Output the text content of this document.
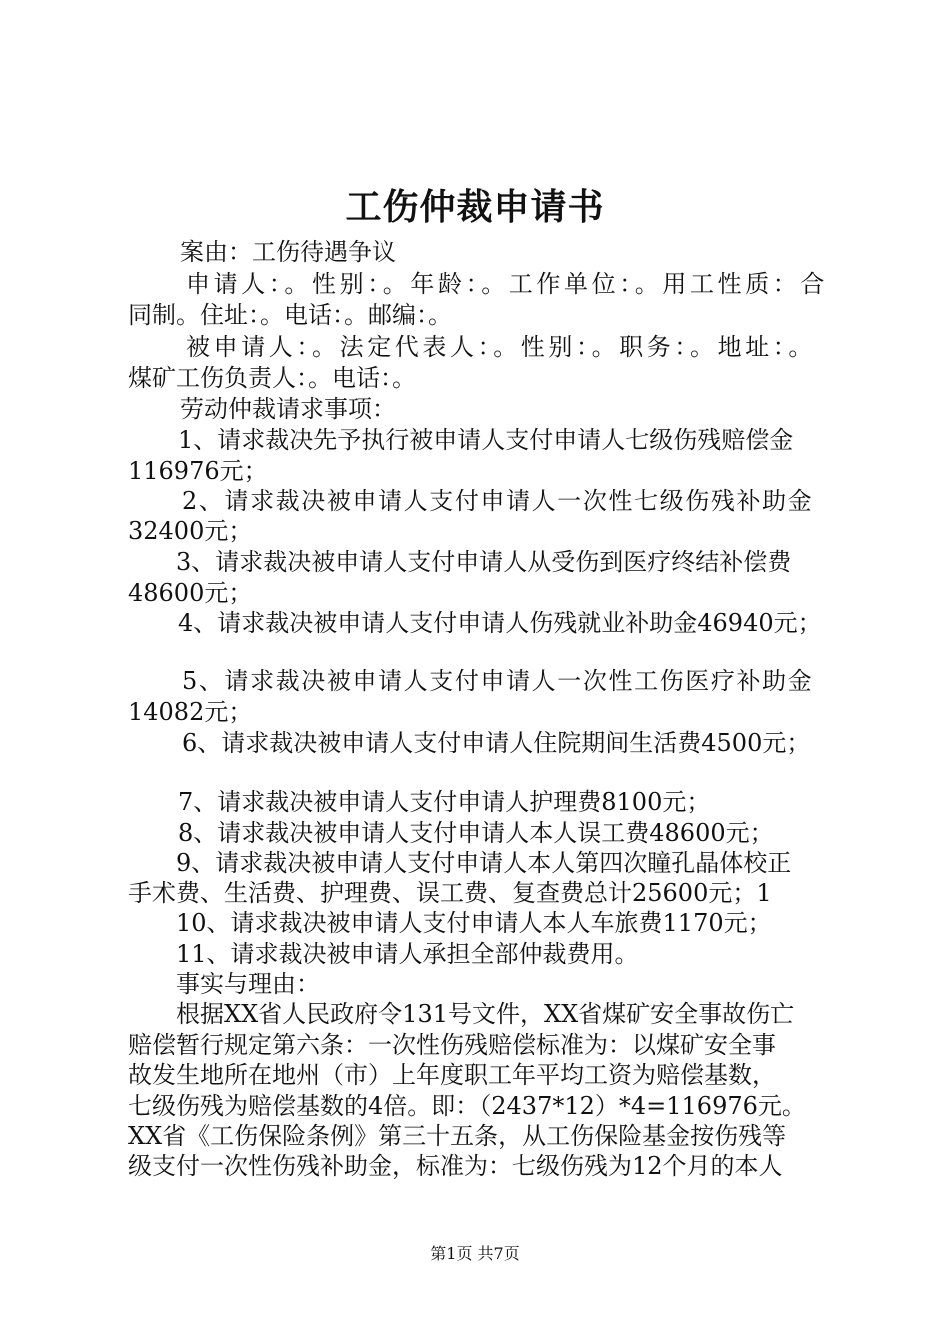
工伤仲裁申请书
案由：工伤待遇争议
申请人：。性别：。年龄：。工作单位：。用工性质：合
同制。住址：。电话：。邮编：。
被申请人：。法定代表人：。性别：。职务：。地址：。
煤矿工伤负责人：。电话：。
劳动仲裁请求事项：
1、请求裁决先予执行被申请人支付申请人七级伤残赔偿金
116976元；
2、请求裁决被申请人支付申请人一次性七级伤残补助金
32400元；
3、请求裁决被申请人支付申请人从受伤到医疗终结补偿费
48600元；
4、请求裁决被申请人支付申请人伤残就业补助金46940元；
5、请求裁决被申请人支付申请人一次性工伤医疗补助金
14082元；
6、请求裁决被申请人支付申请人住院期间生活费4500元；
7、请求裁决被申请人支付申请人护理费8100元；
8、请求裁决被申请人支付申请人本人误工费48600元；
9、请求裁决被申请人支付申请人本人第四次瞳孔晶体校正
手术费、生活费、护理费、误工费、复查费总计25600元；1
10、请求裁决被申请人支付申请人本人车旅费1170元；
11、请求裁决被申请人承担全部仲裁费用。
事实与理由：
根据XX省人民政府令131号文件，XX省煤矿安全事故伤亡
赔偿暂行规定第六条：一次性伤残赔偿标准为：以煤矿安全事
故发生地所在地州（市）上年度职工年平均工资为赔偿基数，
七级伤残为赔偿基数的4倍。即：（2437*12）*4=116976元。
XX省《工伤保险条例》第三十五条，从工伤保险基金按伤残等
级支付一次性伤残补助金，标准为：七级伤残为12个月的本人
第1页 共7页
